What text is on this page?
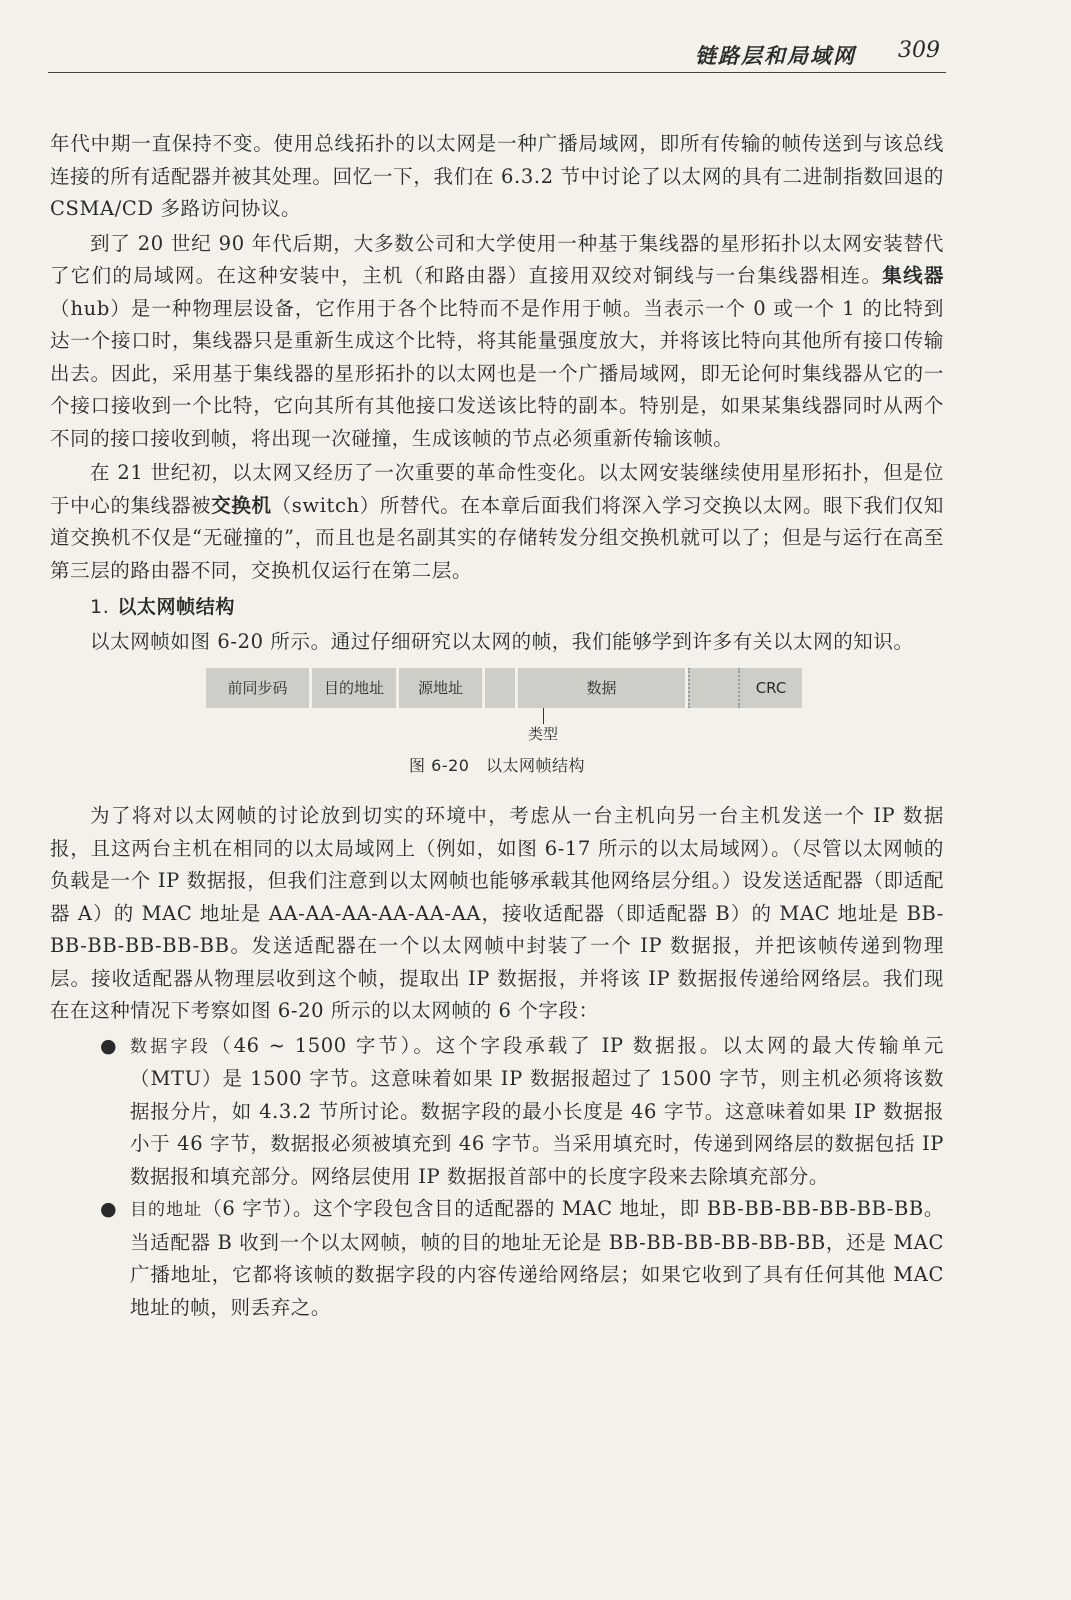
链路层和局域网 309

年代中期一直保持不变。使用总线拓扑的以太网是一种广播局域网，即所有传输的帧传送到与该总线连接的所有适配器并被其处理。回忆一下，我们在 6.3.2 节中讨论了以太网的具有二进制指数回退的 CSMA/CD 多路访问协议。

到了 20 世纪 90 年代后期，大多数公司和大学使用一种基于集线器的星形拓扑以太网安装替代了它们的局域网。在这种安装中，主机（和路由器）直接用双绞对铜线与一台集线器相连。集线器（hub）是一种物理层设备，它作用于各个比特而不是作用于帧。当表示一个 0 或一个 1 的比特到达一个接口时，集线器只是重新生成这个比特，将其能量强度放大，并将该比特向其他所有接口传输出去。因此，采用基于集线器的星形拓扑的以太网也是一个广播局域网，即无论何时集线器从它的一个接口接收到一个比特，它向其所有其他接口发送该比特的副本。特别是，如果某集线器同时从两个不同的接口接收到帧，将出现一次碰撞，生成该帧的节点必须重新传输该帧。

在 21 世纪初，以太网又经历了一次重要的革命性变化。以太网安装继续使用星形拓扑，但是位于中心的集线器被交换机（switch）所替代。在本章后面我们将深入学习交换以太网。眼下我们仅知道交换机不仅是“无碰撞的”，而且也是名副其实的存储转发分组交换机就可以了；但是与运行在高至第三层的路由器不同，交换机仅运行在第二层。

1. 以太网帧结构

以太网帧如图 6-20 所示。通过仔细研究以太网的帧，我们能够学到许多有关以太网的知识。

前同步码	目的地址	源地址	数据	CRC
类型
图 6-20　以太网帧结构

为了将对以太网帧的讨论放到切实的环境中，考虑从一台主机向另一台主机发送一个 IP 数据报，且这两台主机在相同的以太局域网上（例如，如图 6-17 所示的以太局域网）。（尽管以太网帧的负载是一个 IP 数据报，但我们注意到以太网帧也能够承载其他网络层分组。）设发送适配器（即适配器 A）的 MAC 地址是 AA-AA-AA-AA-AA-AA，接收适配器（即适配器 B）的 MAC 地址是 BB-BB-BB-BB-BB-BB。发送适配器在一个以太网帧中封装了一个 IP 数据报，并把该帧传递到物理层。接收适配器从物理层收到这个帧，提取出 IP 数据报，并将该 IP 数据报传递给网络层。我们现在在这种情况下考察如图 6-20 所示的以太网帧的 6 个字段：

● 数据字段（46 ~ 1500 字节）。这个字段承载了 IP 数据报。以太网的最大传输单元（MTU）是 1500 字节。这意味着如果 IP 数据报超过了 1500 字节，则主机必须将该数据报分片，如 4.3.2 节所讨论。数据字段的最小长度是 46 字节。这意味着如果 IP 数据报小于 46 字节，数据报必须被填充到 46 字节。当采用填充时，传递到网络层的数据包括 IP 数据报和填充部分。网络层使用 IP 数据报首部中的长度字段来去除填充部分。
● 目的地址（6 字节）。这个字段包含目的适配器的 MAC 地址，即 BB-BB-BB-BB-BB-BB。当适配器 B 收到一个以太网帧，帧的目的地址无论是 BB-BB-BB-BB-BB-BB，还是 MAC 广播地址，它都将该帧的数据字段的内容传递给网络层；如果它收到了具有任何其他 MAC 地址的帧，则丢弃之。
